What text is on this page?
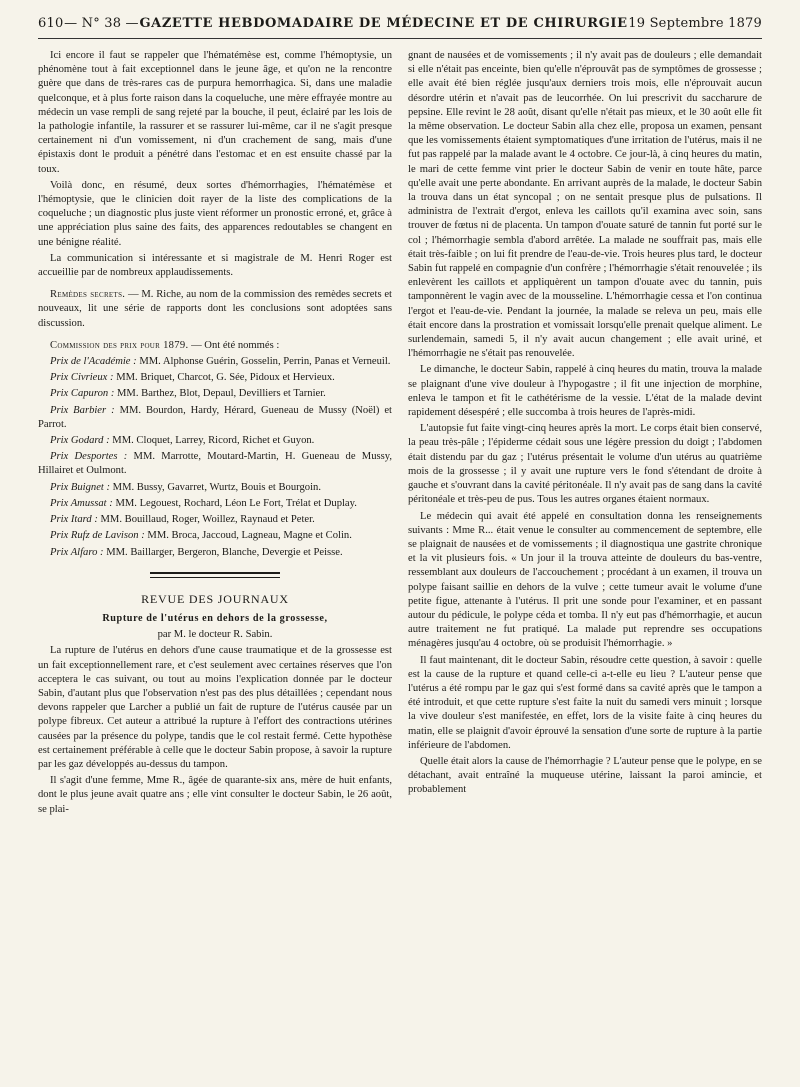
610 — N° 38 — GAZETTE HEBDOMADAIRE DE MÉDECINE ET DE CHIRURGIE 19 Septembre 1879

Ici encore il faut se rappeler que l'hématémèse est, comme l'hémoptysie, un phénomène tout à fait exceptionnel dans le jeune âge, et qu'on ne la rencontre guère que dans de très-rares cas de purpura hemorrhagica. Si, dans une maladie quelconque, et à plus forte raison dans la coqueluche, une mère effrayée montre au médecin un vase rempli de sang rejeté par la bouche, il peut, éclairé par les lois de la pathologie infantile, la rassurer et se rassurer lui-même, car il ne s'agit presque certainement ni d'un vomissement, ni d'un crachement de sang, mais d'une épistaxis dont le produit a pénétré dans l'estomac et en est ensuite chassé par la toux.

Voilà donc, en résumé, deux sortes d'hémorrhagies, l'hématémèse et l'hémoptysie, que le clinicien doit rayer de la liste des complications de la coqueluche ; un diagnostic plus juste vient réformer un pronostic erroné, et, grâce à une appréciation plus saine des faits, des apparences redoutables se changent en une bénigne réalité.

La communication si intéressante et si magistrale de M. Henri Roger est accueillie par de nombreux applaudissements.

Remèdes secrets. — M. Riche, au nom de la commission des remèdes secrets et nouveaux, lit une série de rapports dont les conclusions sont adoptées sans discussion.

Commission des prix pour 1879. — Ont été nommés :

Prix de l'Académie : MM. Alphonse Guérin, Gosselin, Perrin, Panas et Verneuil.

Prix Civrieux : MM. Briquet, Charcot, G. Sée, Pidoux et Hervieux.

Prix Capuron : MM. Barthez, Blot, Depaul, Devilliers et Tarnier.

Prix Barbier : MM. Bourdon, Hardy, Hérard, Gueneau de Mussy (Noël) et Parrot.

Prix Godard : MM. Cloquet, Larrey, Ricord, Richet et Guyon.

Prix Desportes : MM. Marrotte, Moutard-Martin, H. Gueneau de Mussy, Hillairet et Oulmont.

Prix Buignet : MM. Bussy, Gavarret, Wurtz, Bouis et Bourgoin.

Prix Amussat : MM. Legouest, Rochard, Léon Le Fort, Trélat et Duplay.

Prix Itard : MM. Bouillaud, Roger, Woillez, Raynaud et Peter.

Prix Rufz de Lavison : MM. Broca, Jaccoud, Lagneau, Magne et Colin.

Prix Alfaro : MM. Baillarger, Bergeron, Blanche, Devergie et Peisse.

REVUE DES JOURNAUX

Rupture de l'utérus en dehors de la grossesse,

par M. le docteur R. Sabin.

La rupture de l'utérus en dehors d'une cause traumatique et de la grossesse est un fait exceptionnellement rare, et c'est seulement avec certaines réserves que l'on acceptera le cas suivant, ou tout au moins l'explication donnée par le docteur Sabin, d'autant plus que l'observation n'est pas des plus détaillées ; cependant nous devons rappeler que Larcher a publié un fait de rupture de l'utérus causée par un polype fibreux. Cet auteur a attribué la rupture à l'effort des contractions utérines causées par la présence du polype, tandis que le col restait fermé. Cette hypothèse est certainement préférable à celle que le docteur Sabin propose, à savoir la rupture par les gaz développés au-dessus du tampon.

Il s'agit d'une femme, Mme R., âgée de quarante-six ans, mère de huit enfants, dont le plus jeune avait quatre ans ; elle vint consulter le docteur Sabin, le 26 août, se plai-

gnant de nausées et de vomissements ; il n'y avait pas de douleurs ; elle demandait si elle n'était pas enceinte, bien qu'elle n'éprouvât pas de symptômes de grossesse ; elle avait été bien réglée jusqu'aux derniers trois mois, elle n'éprouvait aucun désordre utérin et n'avait pas de leucorrhée. On lui prescrivit du saccharure de pepsine. Elle revint le 28 août, disant qu'elle n'était pas mieux, et le 30 août elle fit la même observation. Le docteur Sabin alla chez elle, proposa un examen, pensant que les vomissements étaient symptomatiques d'une irritation de l'utérus, mais il ne fut pas rappelé par la malade avant le 4 octobre. Ce jour-là, à cinq heures du matin, le mari de cette femme vint prier le docteur Sabin de venir en toute hâte, parce qu'elle avait une perte abondante. En arrivant auprès de la malade, le docteur Sabin la trouva dans un état syncopal ; on ne sentait presque plus de pulsations. Il administra de l'extrait d'ergot, enleva les caillots qu'il examina avec soin, sans trouver de fœtus ni de placenta. Un tampon d'ouate saturé de tannin fut porté sur le col ; l'hémorrhagie sembla d'abord arrêtée. La malade ne souffrait pas, mais elle était très-faible ; on lui fit prendre de l'eau-de-vie. Trois heures plus tard, le docteur Sabin fut rappelé en compagnie d'un confrère ; l'hémorrhagie s'était renouvelée ; ils enlevèrent les caillots et appliquèrent un tampon d'ouate avec du tannin, puis tamponnèrent le vagin avec de la mousseline. L'hémorrhagie cessa et l'on continua l'ergot et l'eau-de-vie. Pendant la journée, la malade se releva un peu, mais elle était encore dans la prostration et vomissait lorsqu'elle prenait quelque aliment. Le surlendemain, samedi 5, il n'y avait aucun changement ; elle avait uriné, et l'hémorrhagie ne s'était pas renouvelée.

Le dimanche, le docteur Sabin, rappelé à cinq heures du matin, trouva la malade se plaignant d'une vive douleur à l'hypogastre ; il fit une injection de morphine, enleva le tampon et fit le cathétérisme de la vessie. L'état de la malade devint rapidement désespéré ; elle succomba à trois heures de l'après-midi.

L'autopsie fut faite vingt-cinq heures après la mort. Le corps était bien conservé, la peau très-pâle ; l'épiderme cédait sous une légère pression du doigt ; l'abdomen était distendu par du gaz ; l'utérus présentait le volume d'un utérus au quatrième mois de la grossesse ; il y avait une rupture vers le fond s'étendant de droite à gauche et s'ouvrant dans la cavité péritonéale. Il n'y avait pas de sang dans la cavité péritonéale et très-peu de pus. Tous les autres organes étaient normaux.

Le médecin qui avait été appelé en consultation donna les renseignements suivants : Mme R... était venue le consulter au commencement de septembre, elle se plaignait de nausées et de vomissements ; il diagnostiqua une gastrite chronique et la vit plusieurs fois. « Un jour il la trouva atteinte de douleurs du bas-ventre, ressemblant aux douleurs de l'accouchement ; procédant à un examen, il trouva un polype faisant saillie en dehors de la vulve ; cette tumeur avait le volume d'une petite figue, attenante à l'utérus. Il prit une sonde pour l'examiner, et en passant autour du pédicule, le polype céda et tomba. Il n'y eut pas d'hémorrhagie, et aucun autre traitement ne fut pratiqué. La malade put reprendre ses occupations ménagères jusqu'au 4 octobre, où se produisit l'hémorrhagie. »

Il faut maintenant, dit le docteur Sabin, résoudre cette question, à savoir : quelle est la cause de la rupture et quand celle-ci a-t-elle eu lieu ? L'auteur pense que l'utérus a été rompu par le gaz qui s'est formé dans sa cavité après que le tampon a été introduit, et que cette rupture s'est faite la nuit du samedi vers minuit ; lorsque la vive douleur s'est manifestée, en effet, lors de la visite faite à cinq heures du matin, elle se plaignit d'avoir éprouvé la sensation d'une sorte de rupture à la partie inférieure de l'abdomen.

Quelle était alors la cause de l'hémorrhagie ? L'auteur pense que le polype, en se détachant, avait entraîné la muqueuse utérine, laissant la paroi amincie, et probablement
